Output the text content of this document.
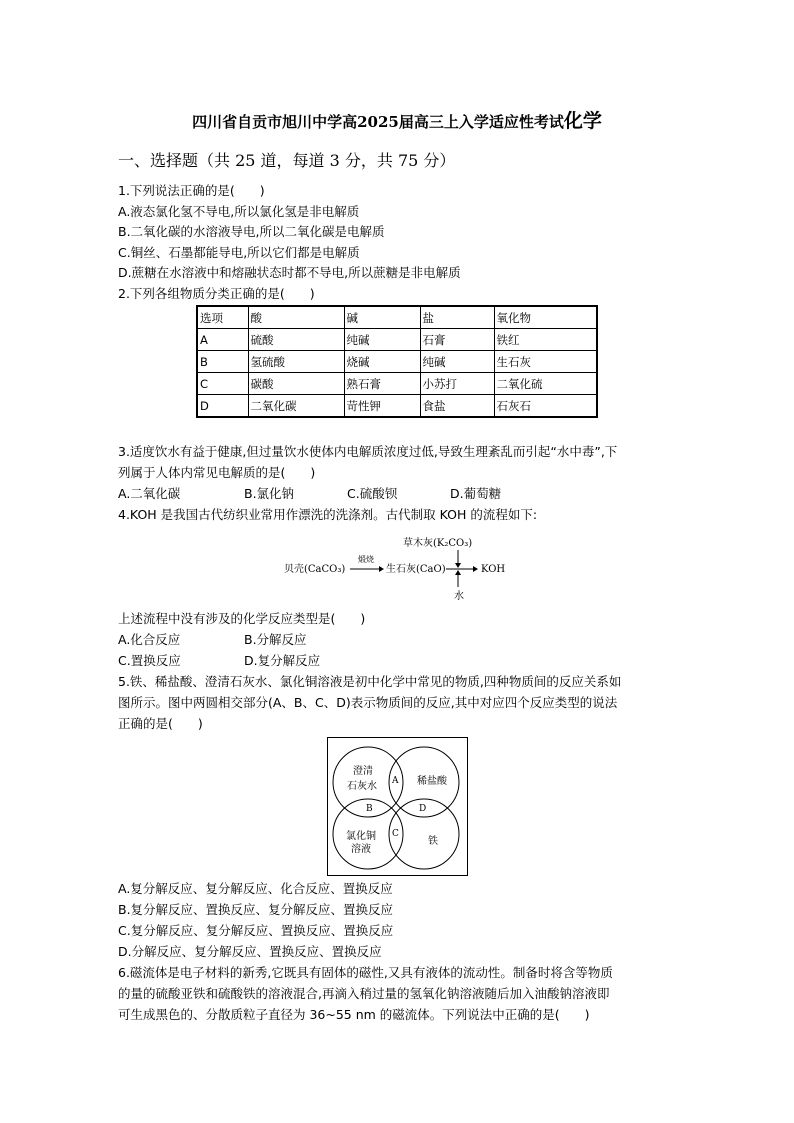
四川省自贡市旭川中学高2025届高三上入学适应性考试化学
一、选择题（共 25 道，每道 3 分，共 75 分）
1.下列说法正确的是(　　)
A.液态氯化氢不导电,所以氯化氢是非电解质
B.二氧化碳的水溶液导电,所以二氧化碳是电解质
C.铜丝、石墨都能导电,所以它们都是电解质
D.蔗糖在水溶液中和熔融状态时都不导电,所以蔗糖是非电解质
2.下列各组物质分类正确的是(　　)
选项	酸	碱	盐	氧化物
A	硫酸	纯碱	石膏	铁红
B	氢硫酸	烧碱	纯碱	生石灰
C	碳酸	熟石膏	小苏打	二氧化硫
D	二氧化碳	苛性钾	食盐	石灰石
3.适度饮水有益于健康,但过量饮水使体内电解质浓度过低,导致生理紊乱而引起“水中毒”,下
列属于人体内常见电解质的是(　　)
A.二氧化碳	B.氯化钠	C.硫酸钡	D.葡萄糖
4.KOH 是我国古代纺织业常用作漂洗的洗涤剂。古代制取 KOH 的流程如下:
草木灰(K₂CO₃)
贝壳(CaCO₃)
煅烧
生石灰(CaO)	KOH
水
上述流程中没有涉及的化学反应类型是(　　)
A.化合反应	B.分解反应
C.置换反应	D.复分解反应
5.铁、稀盐酸、澄清石灰水、氯化铜溶液是初中化学中常见的物质,四种物质间的反应关系如
图所示。图中两圆相交部分(A、B、C、D)表示物质间的反应,其中对应四个反应类型的说法
正确的是(　　)
澄清
石灰水	稀盐酸
氯化铜
溶液
铁
A
B
C
D
A.复分解反应、复分解反应、化合反应、置换反应
B.复分解反应、置换反应、复分解反应、置换反应
C.复分解反应、复分解反应、置换反应、置换反应
D.分解反应、复分解反应、置换反应、置换反应
6.磁流体是电子材料的新秀,它既具有固体的磁性,又具有液体的流动性。制备时将含等物质
的量的硫酸亚铁和硫酸铁的溶液混合,再滴入稍过量的氢氧化钠溶液随后加入油酸钠溶液即
可生成黑色的、分散质粒子直径为 36~55 nm 的磁流体。下列说法中正确的是(　　)
